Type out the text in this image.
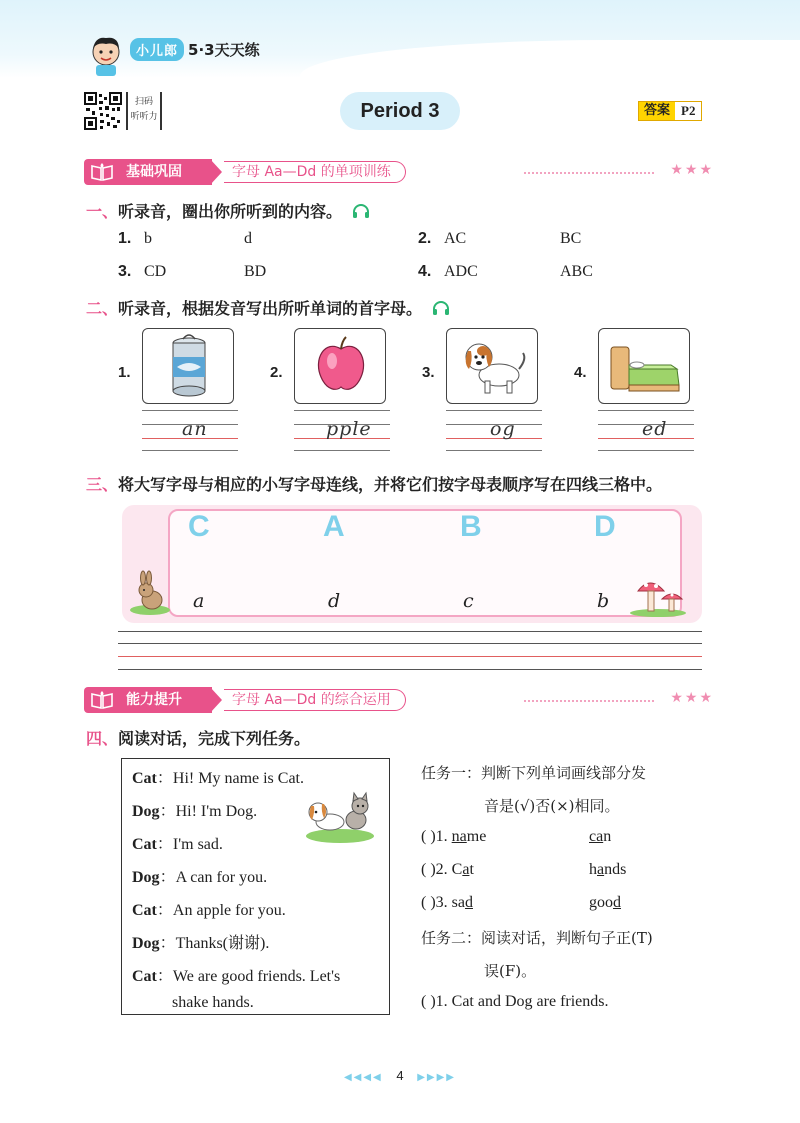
小儿郎 5·3天天练
扫码
听听力	Period 3	答案 P2
基础巩固	字母 Aa—Dd 的单项训练	★★★
一、听录音，圈出你所听到的内容。
1. b	d	2. AC	BC
3. CD	BD	4. ADC	ABC
二、听录音，根据发音写出所听单词的首字母。
1.	2.	3.	4.
an	pple	og	ed
三、将大写字母与相应的小写字母连线，并将它们按字母表顺序写在四线三格中。
C	A	B	D
a	d	c	b
能力提升	字母 Aa—Dd 的综合运用	★★★
四、阅读对话，完成下列任务。
Cat：Hi! My name is Cat.
Dog：Hi! I'm Dog.
Cat：I'm sad.
Dog：A can for you.
Cat：An apple for you.
Dog：Thanks(谢谢).
Cat：We are good friends. Let's
shake hands.
任务一：判断下列单词画线部分发
音是(√)否(×)相同。
( )1. name	can
( )2. Cat	hands
( )3. sad	good
任务二：阅读对话，判断句子正(T)
误(F)。
( )1. Cat and Dog are friends.
◀◀◀◀ 4 ▶▶▶▶
